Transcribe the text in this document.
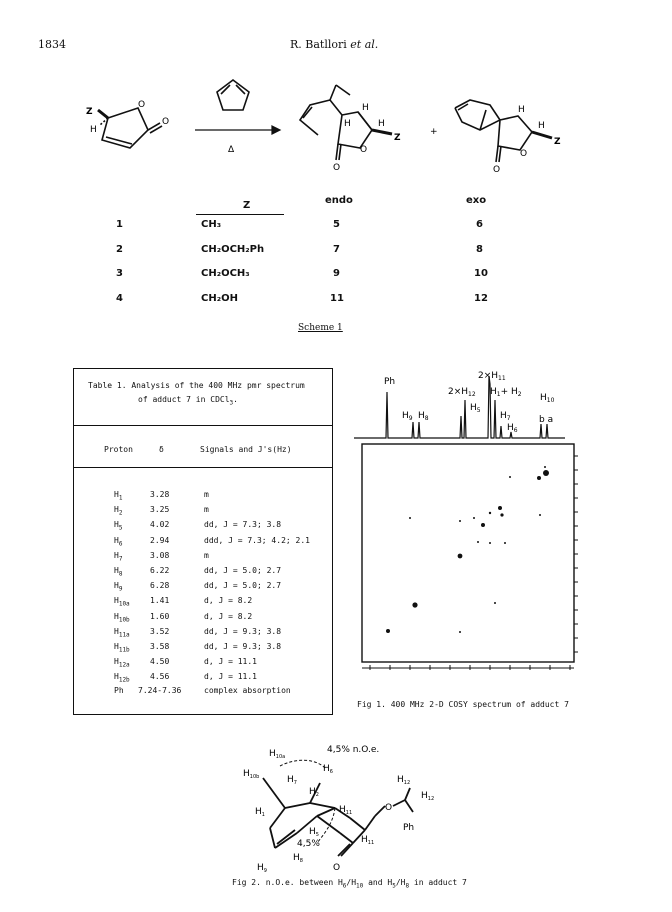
1834	R. Batllori et al.
Z
H
O
O
Δ
H
H	H
Z
O
O
+
H
H
Z
O
O
endo	exo
Z
1	CH₃	5	6
2	CH₂OCH₂Ph	7	8
3	CH₂OCH₃	9	10
4	CH₂OH	11	12
Scheme 1
Table 1. Analysis of the 400 MHz pmr spectrum
of adduct 7 in CDCl$_3$.
Proton	δ	Signals and J's(Hz)
$H_1$	3.28	m
$H_2$	3.25	m
$H_5$	4.02	dd, J = 7.3; 3.8
$H_6$	2.94	ddd, J = 7.3; 4.2; 2.1
$H_7$	3.08	m
$H_8$	6.22	dd, J = 5.0; 2.7
$H_9$	6.28	dd, J = 5.0; 2.7
$H_{10a}$	1.41	d, J = 8.2
$H_{10b}$	1.60	d, J = 8.2
$H_{11a}$	3.52	dd, J = 9.3; 3.8
$H_{11b}$	3.58	dd, J = 9.3; 3.8
$H_{12a}$	4.50	d, J = 11.1
$H_{12b}$	4.56	d, J = 11.1
Ph 7.24-7.36	complex absorption
Ph
$2\times H_{11}$
$2\times H_{12}$ $H_1+ H_2$
$H_9$ $H_8$
$H_5$
$H_7$
$H_6$
$H_{10}$
b a
Fig 1. 400 MHz 2-D COSY spectrum of adduct 7
$H_{10a}$
$H_{10b}$
4,5% n.O.e.
$H_6$
$H_7$
$H_2$
$H_1$	$H_{11}$
$H_{11}$
$H_5$
4,5%
$H_8$
$H_9$
O
O
$H_{12}$
$H_{12}$
Ph
Fig 2. n.O.e. between $H_6/H_{10}$ and $H_5/H_8$ in adduct 7
